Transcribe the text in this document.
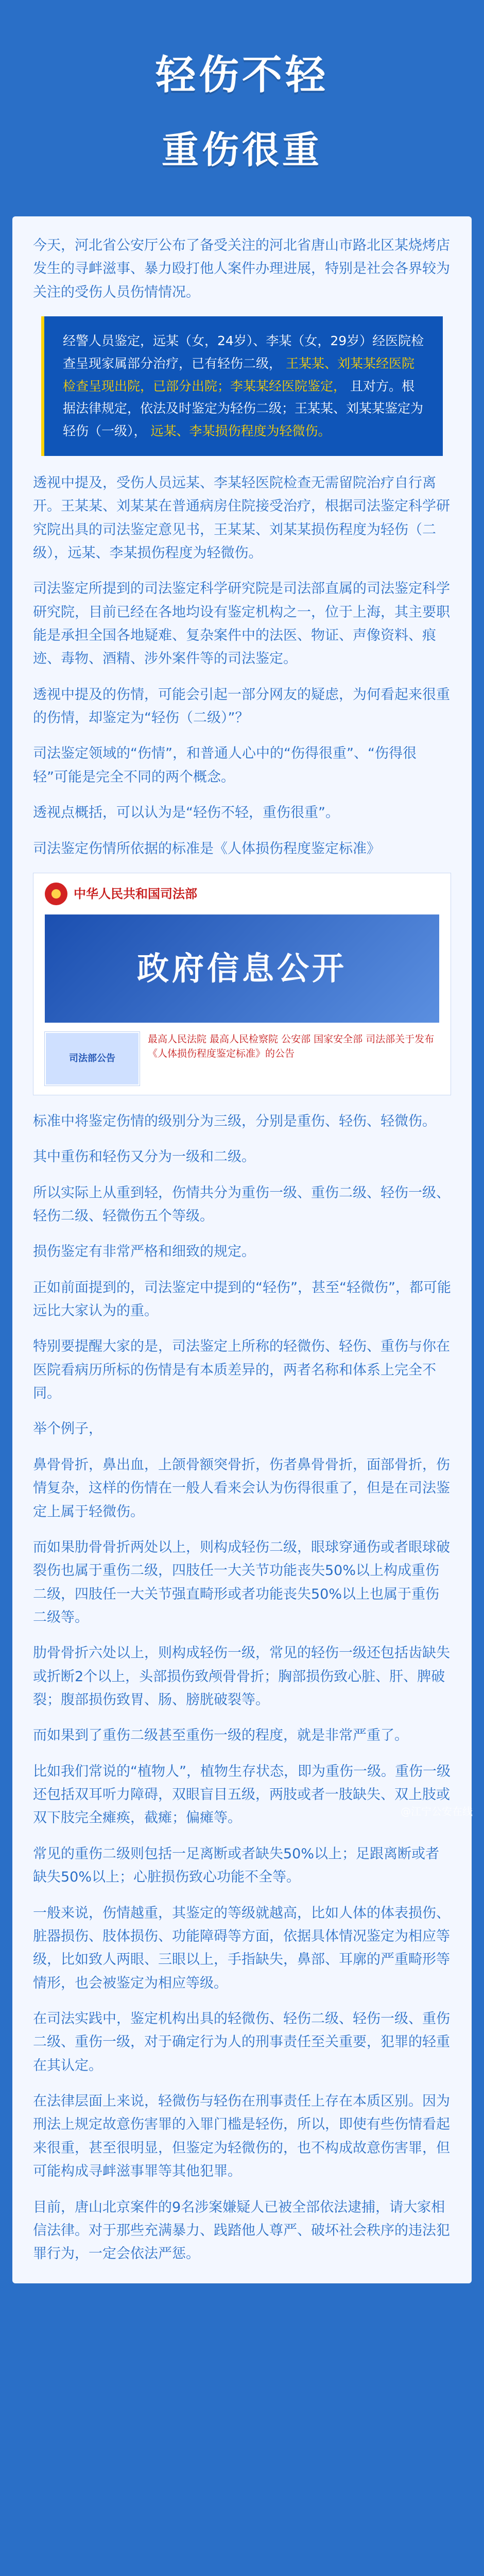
轻伤不轻
重伤很重

今天，河北省公安厅公布了备受关注的河北省唐山市路北区某烧烤店发生的寻衅滋事、暴力殴打他人案件办理进展，特别是社会各界较为关注的受伤人员伤情情况。

经警人员鉴定，远某（女，24岁）、李某（女，29岁）经医院检查呈现家属部分治疗，已有轻伤二级， 王某某、刘某某经医院检查呈现出院，已部分出院；李某某经医院鉴定， 且对方。根据法律规定，依法及时鉴定为轻伤二级；王某某、刘某某鉴定为轻伤（一级）， 远某、李某损伤程度为轻微伤。

透视中提及，受伤人员远某、李某轻医院检查无需留院治疗自行离开。王某某、刘某某在普通病房住院接受治疗，根据司法鉴定科学研究院出具的司法鉴定意见书，王某某、刘某某损伤程度为轻伤（二级），远某、李某损伤程度为轻微伤。

司法鉴定所提到的司法鉴定科学研究院是司法部直属的司法鉴定科学研究院，目前已经在各地均设有鉴定机构之一，位于上海，其主要职能是承担全国各地疑难、复杂案件中的法医、物证、声像资料、痕迹、毒物、酒精、涉外案件等的司法鉴定。

透视中提及的伤情，可能会引起一部分网友的疑虑，为何看起来很重的伤情，却鉴定为“轻伤（二级）”？

司法鉴定领域的“伤情”，和普通人心中的“伤得很重”、“伤得很轻”可能是完全不同的两个概念。

透视点概括，可以认为是“轻伤不轻，重伤很重”。

司法鉴定伤情所依据的标准是《人体损伤程度鉴定标准》

中华人民共和国司法部
政府信息公开
司法部公告
最高人民法院 最高人民检察院 公安部 国家安全部 司法部关于发布《人体损伤程度鉴定标准》的公告

标准中将鉴定伤情的级别分为三级，分别是重伤、轻伤、轻微伤。

其中重伤和轻伤又分为一级和二级。

所以实际上从重到轻，伤情共分为重伤一级、重伤二级、轻伤一级、轻伤二级、轻微伤五个等级。

损伤鉴定有非常严格和细致的规定。

正如前面提到的，司法鉴定中提到的“轻伤”，甚至“轻微伤”，都可能远比大家认为的重。

特别要提醒大家的是，司法鉴定上所称的轻微伤、轻伤、重伤与你在医院看病历所标的伤情是有本质差异的，两者名称和体系上完全不同。

举个例子，

鼻骨骨折，鼻出血，上颌骨额突骨折，伤者鼻骨骨折，面部骨折，伤情复杂，这样的伤情在一般人看来会认为伤得很重了，但是在司法鉴定上属于轻微伤。

而如果肋骨骨折两处以上，则构成轻伤二级，眼球穿通伤或者眼球破裂伤也属于重伤二级，四肢任一大关节功能丧失50%以上构成重伤二级，四肢任一大关节强直畸形或者功能丧失50%以上也属于重伤二级等。

肋骨骨折六处以上，则构成轻伤一级，常见的轻伤一级还包括齿缺失或折断2个以上，头部损伤致颅骨骨折；胸部损伤致心脏、肝、脾破裂；腹部损伤致胃、肠、膀胱破裂等。

而如果到了重伤二级甚至重伤一级的程度，就是非常严重了。

比如我们常说的“植物人”，植物生存状态，即为重伤一级。重伤一级还包括双耳听力障碍，双眼盲目五级，两肢或者一肢缺失、双上肢或双下肢完全瘫痪，截瘫；偏瘫等。

常见的重伤二级则包括一足离断或者缺失50%以上；足跟离断或者缺失50%以上；心脏损伤致心功能不全等。

一般来说，伤情越重，其鉴定的等级就越高，比如人体的体表损伤、脏器损伤、肢体损伤、功能障碍等方面，依据具体情况鉴定为相应等级，比如致人两眼、三眼以上，手指缺失，鼻部、耳廓的严重畸形等情形，也会被鉴定为相应等级。

在司法实践中，鉴定机构出具的轻微伤、轻伤二级、轻伤一级、重伤二级、重伤一级，对于确定行为人的刑事责任至关重要，犯罪的轻重在其认定。

在法律层面上来说，轻微伤与轻伤在刑事责任上存在本质区别。因为刑法上规定故意伤害罪的入罪门槛是轻伤，所以，即使有些伤情看起来很重，甚至很明显，但鉴定为轻微伤的，也不构成故意伤害罪，但可能构成寻衅滋事罪等其他犯罪。

目前，唐山北京案件的9名涉案嫌疑人已被全部依法逮捕，请大家相信法律。对于那些充满暴力、践踏他人尊严、破坏社会秩序的违法犯罪行为，一定会依法严惩。

@江宁公安在线
